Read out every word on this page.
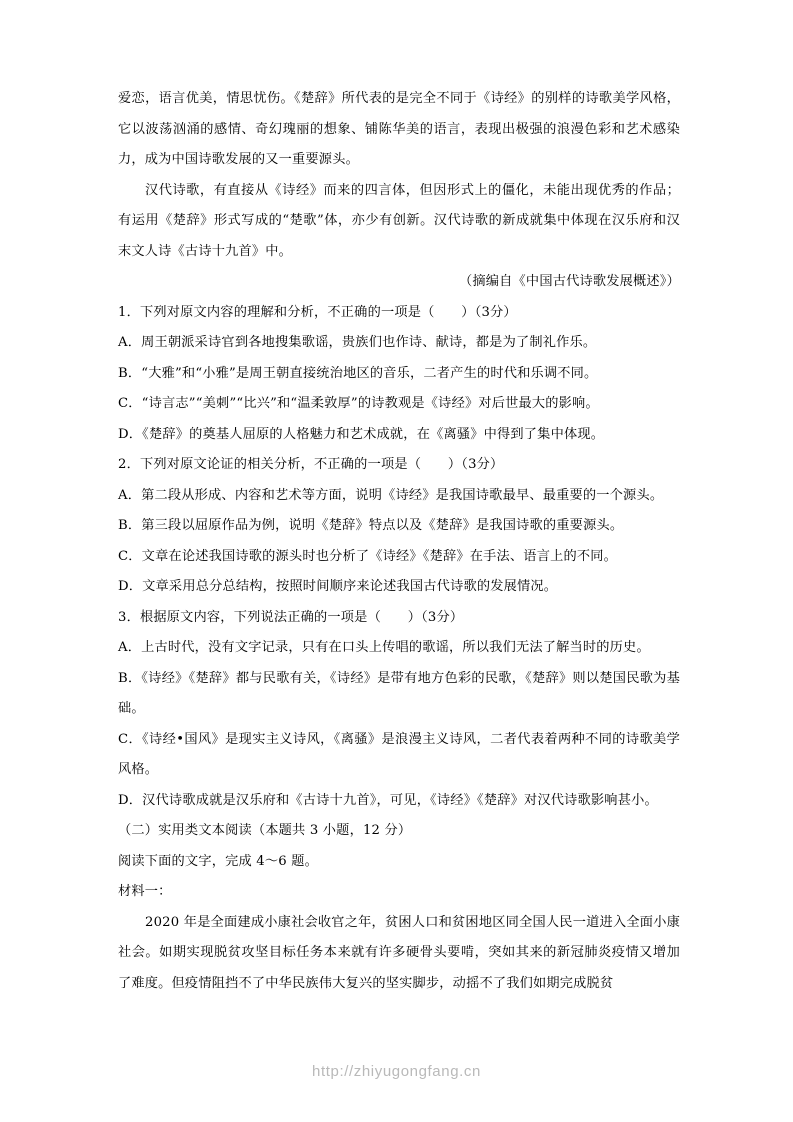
爱恋，语言优美，情思忧伤。《楚辞》所代表的是完全不同于《诗经》的别样的诗歌美学风格，它以波荡汹涌的感情、奇幻瑰丽的想象、铺陈华美的语言，表现出极强的浪漫色彩和艺术感染力，成为中国诗歌发展的又一重要源头。

汉代诗歌，有直接从《诗经》而来的四言体，但因形式上的僵化，未能出现优秀的作品；有运用《楚辞》形式写成的“楚歌”体，亦少有创新。汉代诗歌的新成就集中体现在汉乐府和汉末文人诗《古诗十九首》中。

（摘编自《中国古代诗歌发展概述》）

1．下列对原文内容的理解和分析，不正确的一项是（　　）（3分）

A．周王朝派采诗官到各地搜集歌谣，贵族们也作诗、献诗，都是为了制礼作乐。

B．“大雅”和“小雅”是周王朝直接统治地区的音乐，二者产生的时代和乐调不同。

C．“诗言志”“美刺”“比兴”和“温柔敦厚”的诗教观是《诗经》对后世最大的影响。

D．《楚辞》的奠基人屈原的人格魅力和艺术成就，在《离骚》中得到了集中体现。

2．下列对原文论证的相关分析，不正确的一项是（　　）（3分）

A．第二段从形成、内容和艺术等方面，说明《诗经》是我国诗歌最早、最重要的一个源头。

B．第三段以屈原作品为例，说明《楚辞》特点以及《楚辞》是我国诗歌的重要源头。

C．文章在论述我国诗歌的源头时也分析了《诗经》《楚辞》在手法、语言上的不同。

D．文章采用总分总结构，按照时间顺序来论述我国古代诗歌的发展情况。

3．根据原文内容，下列说法正确的一项是（　　）（3分）

A．上古时代，没有文字记录，只有在口头上传唱的歌谣，所以我们无法了解当时的历史。

B．《诗经》《楚辞》都与民歌有关，《诗经》是带有地方色彩的民歌，《楚辞》则以楚国民歌为基础。

C．《诗经•国风》是现实主义诗风，《离骚》是浪漫主义诗风，二者代表着两种不同的诗歌美学风格。

D．汉代诗歌成就是汉乐府和《古诗十九首》，可见，《诗经》《楚辞》对汉代诗歌影响甚小。

（二）实用类文本阅读（本题共 3 小题，12 分）

阅读下面的文字，完成 4～6 题。

材料一：

2020 年是全面建成小康社会收官之年，贫困人口和贫困地区同全国人民一道进入全面小康社会。如期实现脱贫攻坚目标任务本来就有许多硬骨头要啃，突如其来的新冠肺炎疫情又增加了难度。但疫情阻挡不了中华民族伟大复兴的坚实脚步，动摇不了我们如期完成脱贫

http://zhiyugongfang.cn
